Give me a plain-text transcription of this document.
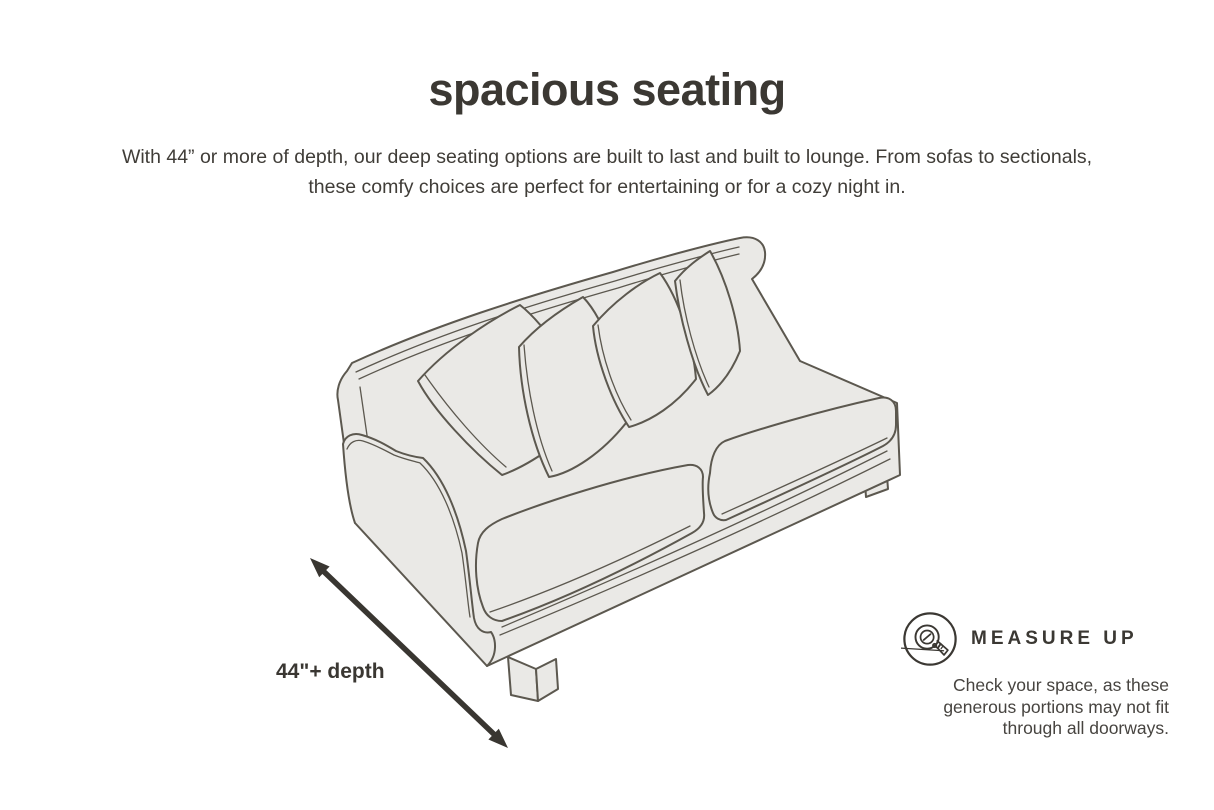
spacious seating

With 44” or more of depth, our deep seating options are built to last and built to lounge. From sofas to sectionals, these comfy choices are perfect for entertaining or for a cozy night in.

44"+ depth
MEASURE UP

Check your space, as these generous portions may not fit through all doorways.
